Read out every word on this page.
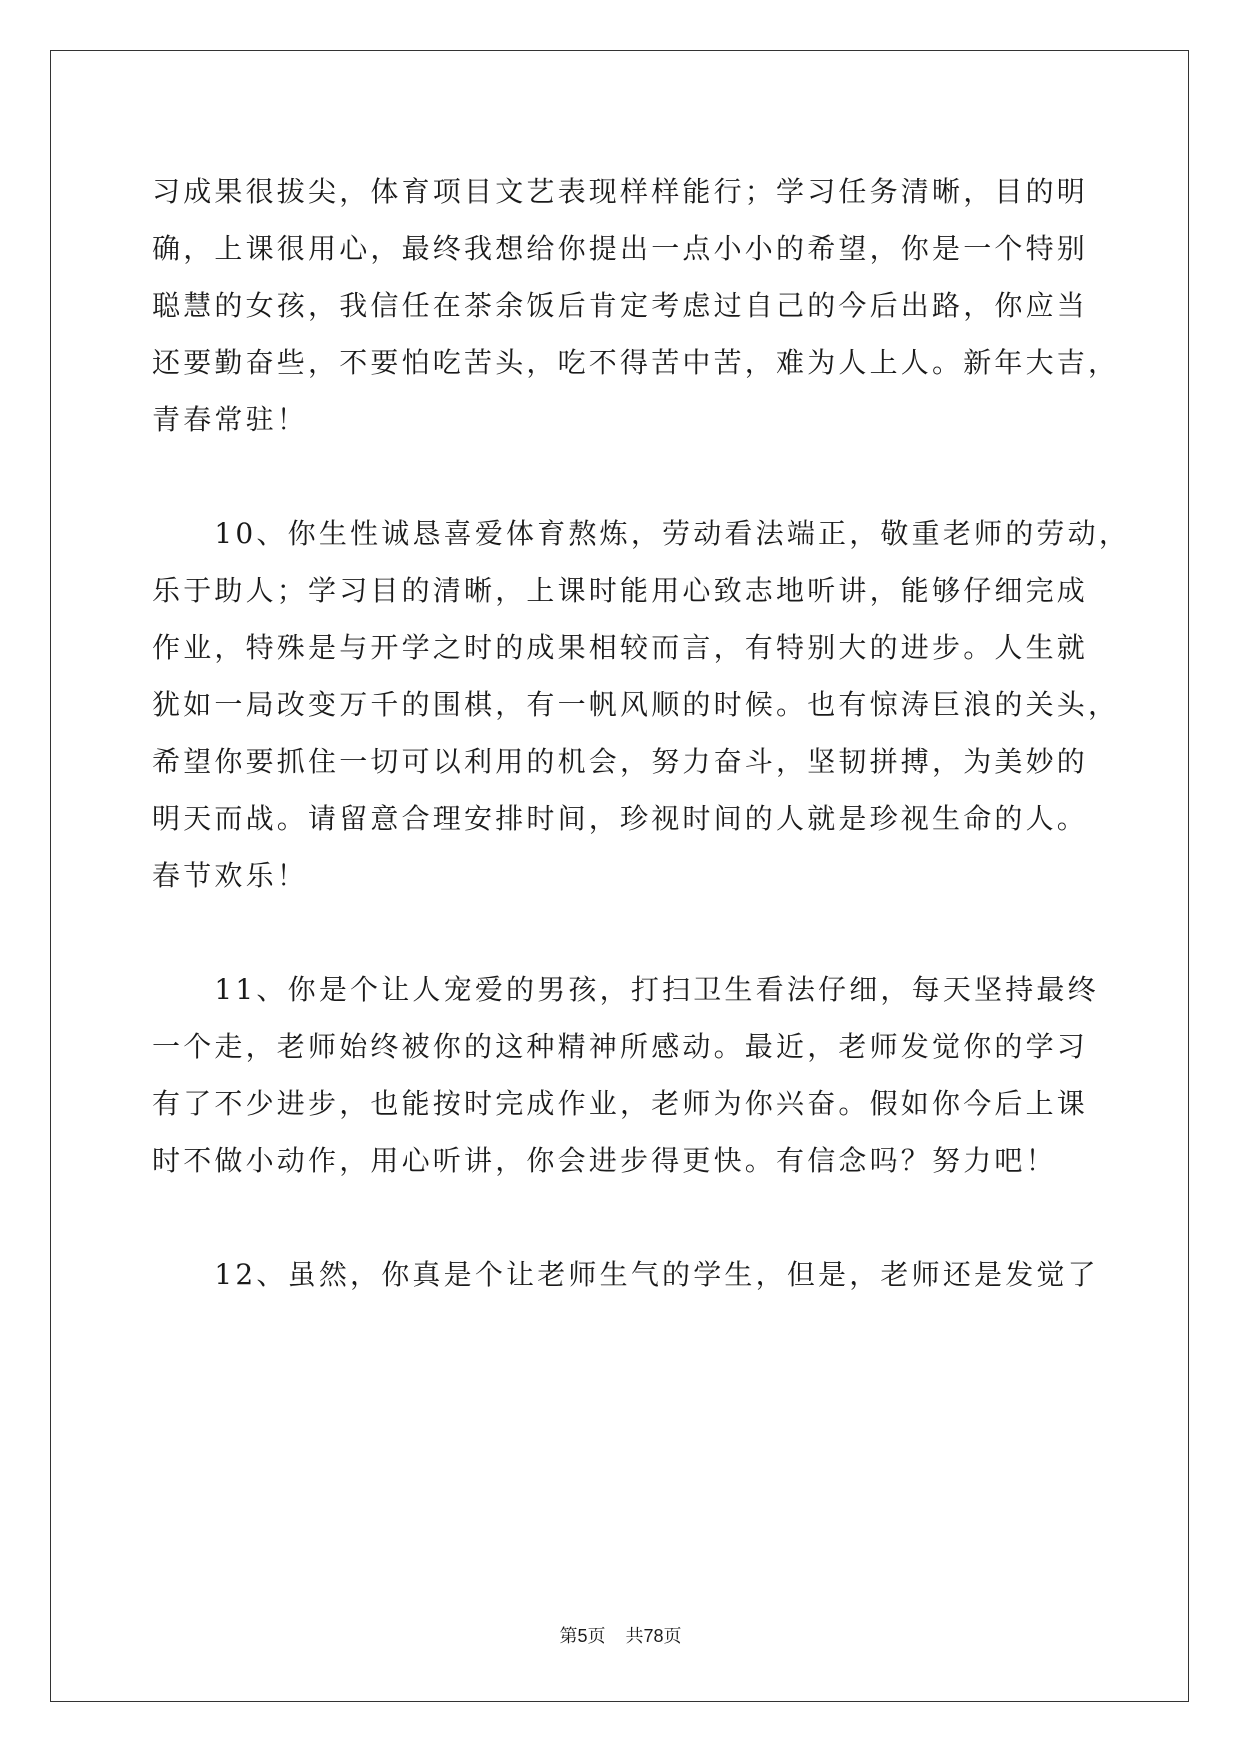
习成果很拔尖，体育项目文艺表现样样能行；学习任务清晰，目的明
确，上课很用心，最终我想给你提出一点小小的希望，你是一个特别
聪慧的女孩，我信任在茶余饭后肯定考虑过自己的今后出路，你应当
还要勤奋些，不要怕吃苦头，吃不得苦中苦，难为人上人。新年大吉，
青春常驻！
　　10、你生性诚恳喜爱体育熬炼，劳动看法端正，敬重老师的劳动，
乐于助人；学习目的清晰，上课时能用心致志地听讲，能够仔细完成
作业，特殊是与开学之时的成果相较而言，有特别大的进步。人生就
犹如一局改变万千的围棋，有一帆风顺的时候。也有惊涛巨浪的关头，
希望你要抓住一切可以利用的机会，努力奋斗，坚韧拼搏，为美妙的
明天而战。请留意合理安排时间，珍视时间的人就是珍视生命的人。
春节欢乐！
　　11、你是个让人宠爱的男孩，打扫卫生看法仔细，每天坚持最终
一个走，老师始终被你的这种精神所感动。最近，老师发觉你的学习
有了不少进步，也能按时完成作业，老师为你兴奋。假如你今后上课
时不做小动作，用心听讲，你会进步得更快。有信念吗？努力吧！
　　12、虽然，你真是个让老师生气的学生，但是，老师还是发觉了
第5页 共78页
